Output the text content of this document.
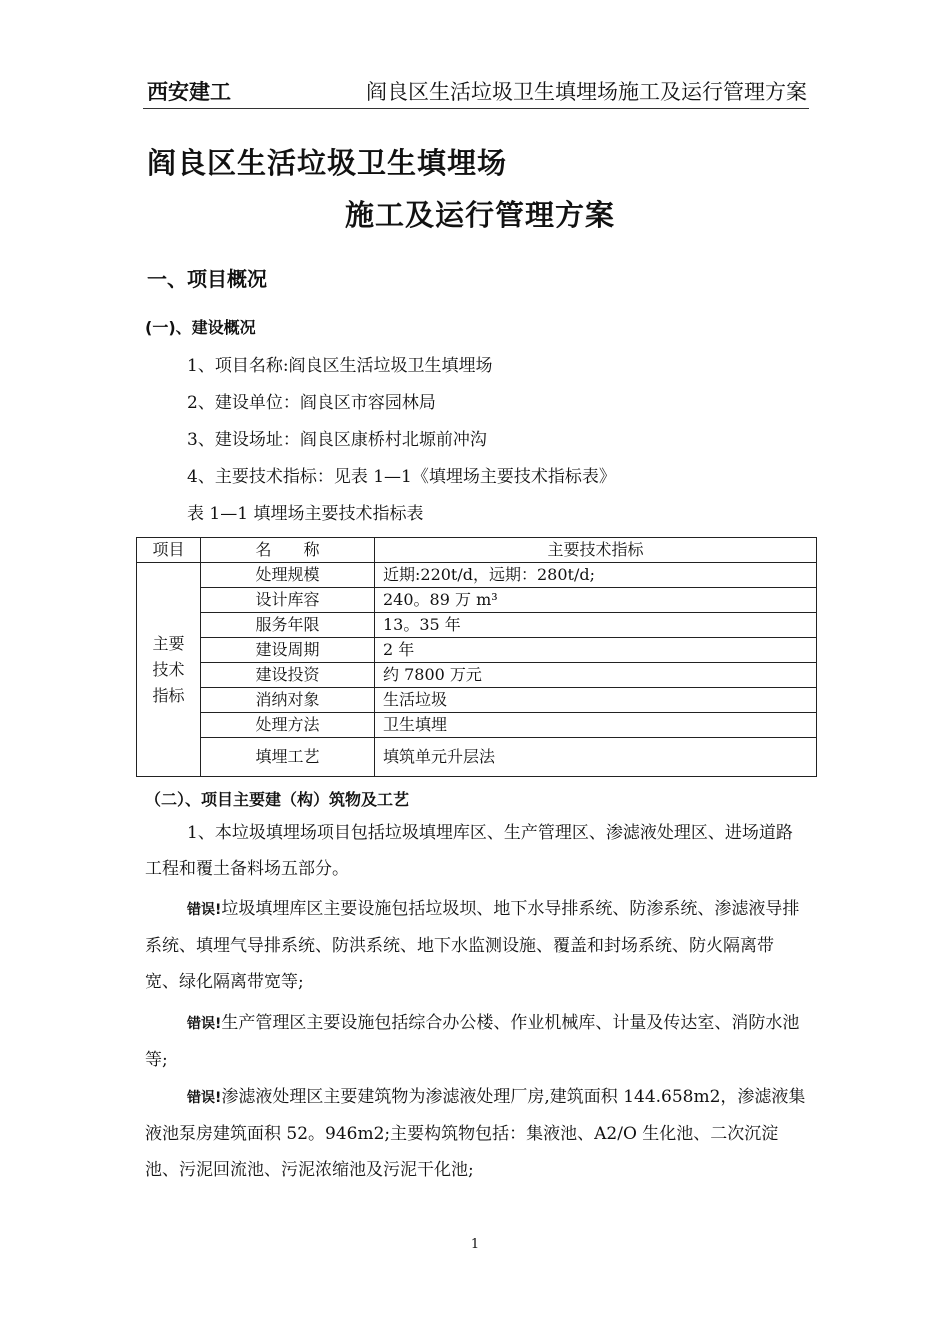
西安建工	阎良区生活垃圾卫生填埋场施工及运行管理方案
阎良区生活垃圾卫生填埋场
施工及运行管理方案
一、项目概况
(一)、建设概况
1、项目名称:阎良区生活垃圾卫生填埋场
2、建设单位：阎良区市容园林局
3、建设场址：阎良区康桥村北塬前冲沟
4、主要技术指标：见表 1—1《填埋场主要技术指标表》
表 1—1 填埋场主要技术指标表
项目	名　　称	主要技术指标
主要
技术
指标	处理规模	近期:220t/d，远期：280t/d;
	设计库容	240。89 万 m³
	服务年限	13。35 年
	建设周期	2 年
	建设投资	约 7800 万元
	消纳对象	生活垃圾
	处理方法	卫生填埋
	填埋工艺	填筑单元升层法
（二）、项目主要建（构）筑物及工艺
1、本垃圾填埋场项目包括垃圾填埋库区、生产管理区、渗滤液处理区、进场道路工程和覆土备料场五部分。
错误!垃圾填埋库区主要设施包括垃圾坝、地下水导排系统、防渗系统、渗滤液导排系统、填埋气导排系统、防洪系统、地下水监测设施、覆盖和封场系统、防火隔离带宽、绿化隔离带宽等;
错误!生产管理区主要设施包括综合办公楼、作业机械库、计量及传达室、消防水池等;
错误!渗滤液处理区主要建筑物为渗滤液处理厂房,建筑面积 144.658m2，渗滤液集液池泵房建筑面积 52。946m2;主要构筑物包括：集液池、A2/O 生化池、二次沉淀池、污泥回流池、污泥浓缩池及污泥干化池;
1
